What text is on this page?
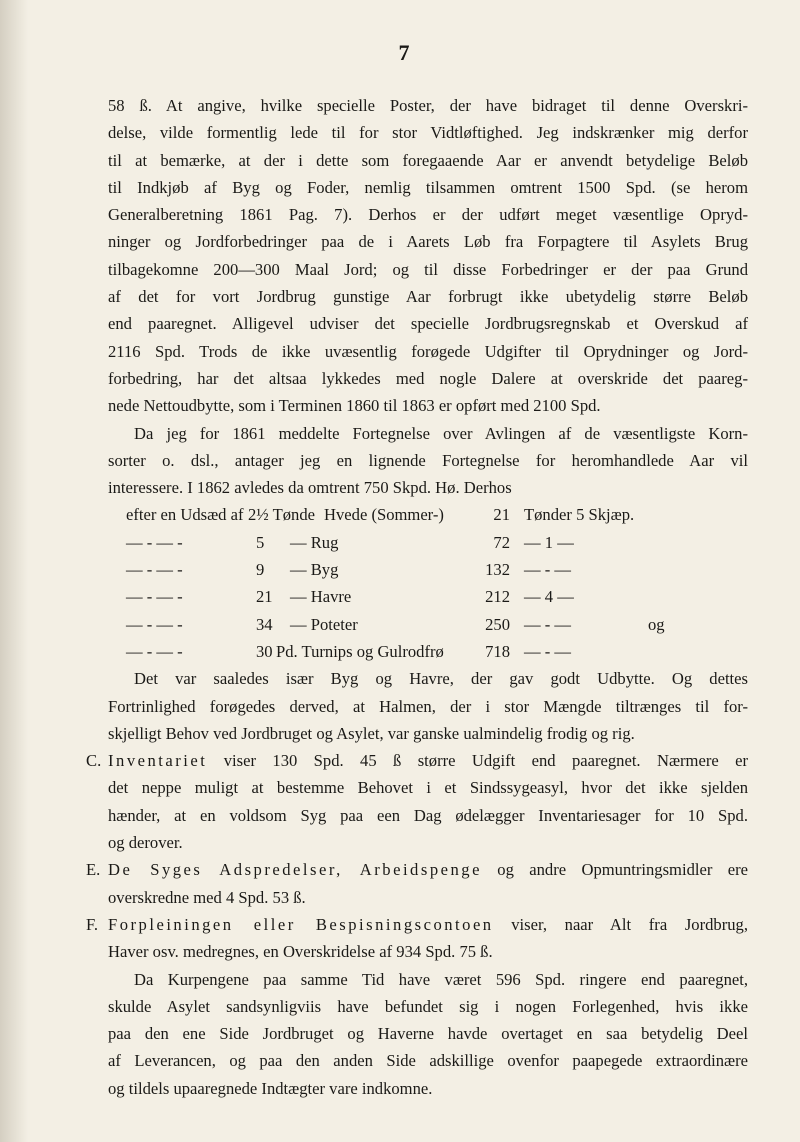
7
58 ß. At angive, hvilke specielle Poster, der have bidraget til denne Overskri-
delse, vilde formentlig lede til for stor Vidtløftighed. Jeg indskrænker mig derfor
til at bemærke, at der i dette som foregaaende Aar er anvendt betydelige Beløb
til Indkjøb af Byg og Foder, nemlig tilsammen omtrent 1500 Spd. (se herom
Generalberetning 1861 Pag. 7). Derhos er der udført meget væsentlige Opryd-
ninger og Jordforbedringer paa de i Aarets Løb fra Forpagtere til Asylets Brug
tilbagekomne 200—300 Maal Jord; og til disse Forbedringer er der paa Grund
af det for vort Jordbrug gunstige Aar forbrugt ikke ubetydelig større Beløb
end paaregnet. Alligevel udviser det specielle Jordbrugsregnskab et Overskud af
2116 Spd. Trods de ikke uvæsentlig forøgede Udgifter til Oprydninger og Jord-
forbedring, har det altsaa lykkedes med nogle Dalere at overskride det paareg-
nede Nettoudbytte, som i Terminen 1860 til 1863 er opført med 2100 Spd.
Da jeg for 1861 meddelte Fortegnelse over Avlingen af de væsentligste Korn-
sorter o. dsl., antager jeg en lignende Fortegnelse for heromhandlede Aar vil
interessere. I 1862 avledes da omtrent 750 Skpd. Hø. Derhos
efter en Udsæd af 2½ Tønde Hvede (Sommer-)	21 Tønder 5 Skjæp.
— - — -	5 — Rug	72 — 1 —
— - — -	9 — Byg	132 — - —
— - — -	21 — Havre	212 — 4 —
— - — -	34 — Poteter	250 — - —	og
— - — -	30 Pd. Turnips og Gulrodfrø	718 — - —
Det var saaledes især Byg og Havre, der gav godt Udbytte. Og dettes
Fortrinlighed forøgedes derved, at Halmen, der i stor Mængde tiltrænges til for-
skjelligt Behov ved Jordbruget og Asylet, var ganske ualmindelig frodig og rig.
C. Inventariet viser 130 Spd. 45 ß større Udgift end paaregnet. Nærmere er
det neppe muligt at bestemme Behovet i et Sindssygeasyl, hvor det ikke sjelden
hænder, at en voldsom Syg paa een Dag ødelægger Inventariesager for 10 Spd.
og derover.
E. De Syges Adspredelser, Arbeidspenge og andre Opmuntringsmidler ere
overskredne med 4 Spd. 53 ß.
F. Forpleiningen eller Bespisningscontoen viser, naar Alt fra Jordbrug,
Haver osv. medregnes, en Overskridelse af 934 Spd. 75 ß.
Da Kurpengene paa samme Tid have været 596 Spd. ringere end paaregnet,
skulde Asylet sandsynligviis have befundet sig i nogen Forlegenhed, hvis ikke
paa den ene Side Jordbruget og Haverne havde overtaget en saa betydelig Deel
af Leverancen, og paa den anden Side adskillige ovenfor paapegede extraordinære
og tildels upaaregnede Indtægter vare indkomne.
